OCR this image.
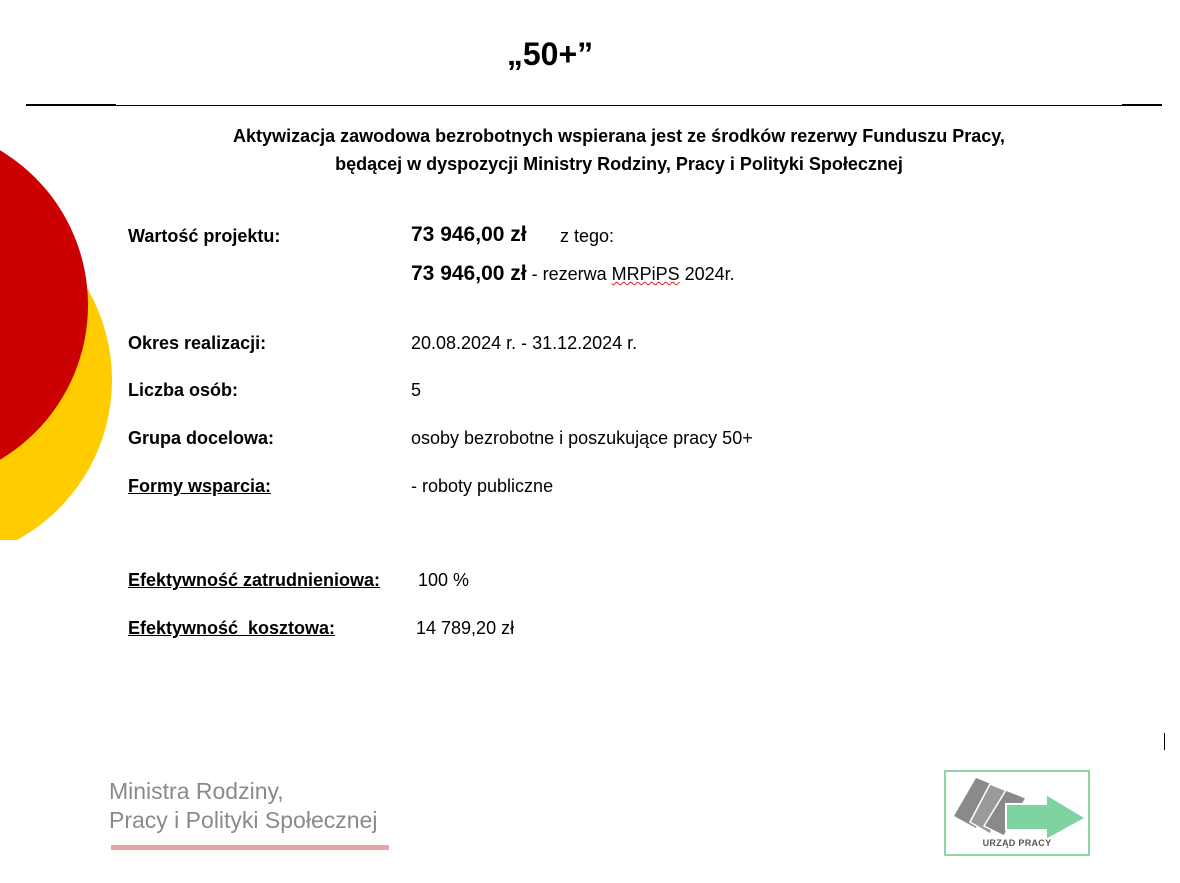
„50+”
Aktywizacja zawodowa bezrobotnych wspierana jest ze środków rezerwy Funduszu Pracy,
będącej w dyspozycji Ministry Rodziny, Pracy i Polityki Społecznej
Wartość projektu:	73 946,00 zł z tego:
73 946,00 zł - rezerwa MRPiPS 2024r.
Okres realizacji:	20.08.2024 r. - 31.12.2024 r.
Liczba osób:	5
Grupa docelowa:	osoby bezrobotne i poszukujące pracy 50+
Formy wsparcia:	- roboty publiczne
Efektywność zatrudnieniowa: 100 %
Efektywność  kosztowa:	14 789,20 zł
Ministra Rodziny,
Pracy i Polityki Społecznej
URZĄD PRACY
